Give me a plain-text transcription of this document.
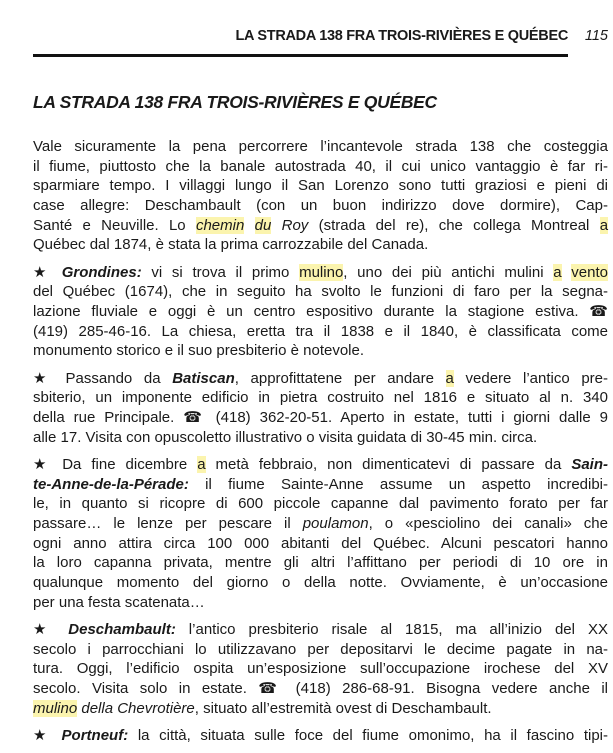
LA STRADA 138 FRA TROIS-RIVIÈRES E QUÉBEC	115
LA STRADA 138 FRA TROIS-RIVIÈRES E QUÉBEC
Vale sicuramente la pena percorrere l’incantevole strada 138 che costeggia
il fiume, piuttosto che la banale autostrada 40, il cui unico vantaggio è far ri-
sparmiare tempo. I villaggi lungo il San Lorenzo sono tutti graziosi e pieni di
case allegre: Deschambault (con un buon indirizzo dove dormire), Cap-
Santé e Neuville. Lo chemin du Roy (strada del re), che collega Montreal a
Québec dal 1874, è stata la prima carrozzabile del Canada.
★ Grondines: vi si trova il primo mulino, uno dei più antichi mulini a vento
del Québec (1674), che in seguito ha svolto le funzioni di faro per la segna-
lazione fluviale e oggi è un centro espositivo durante la stagione estiva. ☎
(419) 285-46-16. La chiesa, eretta tra il 1838 e il 1840, è classificata come
monumento storico e il suo presbiterio è notevole.
★ Passando da Batiscan, approfittatene per andare a vedere l’antico pre-
sbiterio, un imponente edificio in pietra costruito nel 1816 e situato al n. 340
della rue Principale. ☎ (418) 362-20-51. Aperto in estate, tutti i giorni dalle 9
alle 17. Visita con opuscoletto illustrativo o visita guidata di 30-45 min. circa.
★ Da fine dicembre a metà febbraio, non dimenticatevi di passare da Sain-
te-Anne-de-la-Pérade: il fiume Sainte-Anne assume un aspetto incredibi-
le, in quanto si ricopre di 600 piccole capanne dal pavimento forato per far
passare… le lenze per pescare il poulamon, o «pesciolino dei canali» che
ogni anno attira circa 100 000 abitanti del Québec. Alcuni pescatori hanno
la loro capanna privata, mentre gli altri l’affittano per periodi di 10 ore in
qualunque momento del giorno o della notte. Ovviamente, è un’occasione
per una festa scatenata…
★ Deschambault: l’antico presbiterio risale al 1815, ma all’inizio del XX
secolo i parrocchiani lo utilizzavano per depositarvi le decime pagate in na-
tura. Oggi, l’edificio ospita un’esposizione sull’occupazione irochese del XV
secolo. Visita solo in estate. ☎ (418) 286-68-91. Bisogna vedere anche il
mulino della Chevrotière, situato all’estremità ovest di Deschambault.
★ Portneuf: la città, situata sulle foce del fiume omonimo, ha il fascino tipi-
